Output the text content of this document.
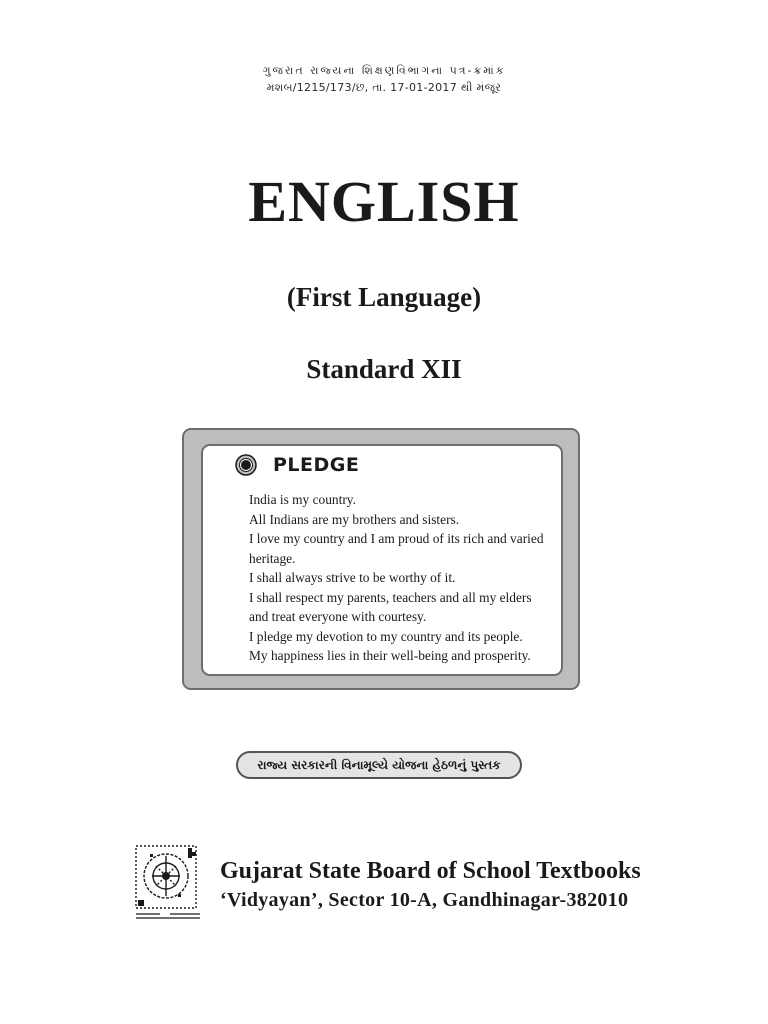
ગુજરાત રાજ્યના શિક્ષણવિભાગના પત્ર-ક્રમાંક
મશબ/1215/173/છ, તા. 17-01-2017 થી મંજૂર
ENGLISH
(First Language)
Standard XII
PLEDGE
India is my country.
All Indians are my brothers and sisters.
I love my country and I am proud of its rich and varied
heritage.
I shall always strive to be worthy of it.
I shall respect my parents, teachers and all my elders
and treat everyone with courtesy.
I pledge my devotion to my country and its people.
My happiness lies in their well-being and prosperity.
રાજ્ય સરકારની વિનામૂલ્યે યોજના હેઠળનું પુસ્તક
Gujarat State Board of School Textbooks
‘Vidyayan’, Sector 10-A, Gandhinagar-382010
